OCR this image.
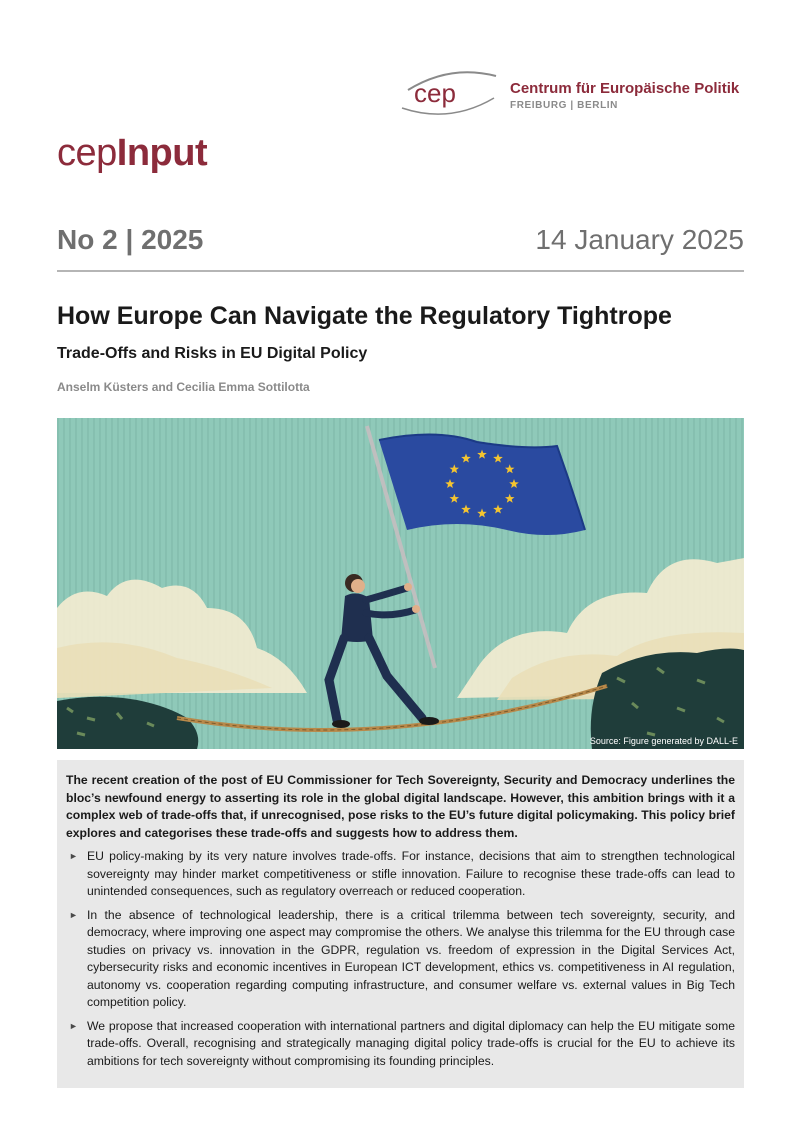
cep	Centrum für Europäische Politik
FREIBURG | BERLIN
cepInput
No 2 | 2025	14 January 2025
How Europe Can Navigate the Regulatory Tightrope
Trade-Offs and Risks in EU Digital Policy
Anselm Küsters and Cecilia Emma Sottilotta
Source: Figure generated by DALL-E

The recent creation of the post of EU Commissioner for Tech Sovereignty, Security and Democracy underlines the bloc’s newfound energy to asserting its role in the global digital landscape. However, this ambition brings with it a complex web of trade-offs that, if unrecognised, pose risks to the EU’s future digital policymaking. This policy brief explores and categorises these trade-offs and suggests how to address them.

► EU policy-making by its very nature involves trade-offs. For instance, decisions that aim to strengthen technological sovereignty may hinder market competitiveness or stifle innovation. Failure to recognise these trade-offs can lead to unintended consequences, such as regulatory overreach or reduced cooperation.
► In the absence of technological leadership, there is a critical trilemma between tech sovereignty, security, and democracy, where improving one aspect may compromise the others. We analyse this trilemma for the EU through case studies on privacy vs. innovation in the GDPR, regulation vs. freedom of expression in the Digital Services Act, cybersecurity risks and economic incentives in European ICT development, ethics vs. competitiveness in AI regulation, autonomy vs. cooperation regarding computing infrastructure, and consumer welfare vs. external values in Big Tech competition policy.
► We propose that increased cooperation with international partners and digital diplomacy can help the EU mitigate some trade-offs. Overall, recognising and strategically managing digital policy trade-offs is crucial for the EU to achieve its ambitions for tech sovereignty without compromising its founding principles.
